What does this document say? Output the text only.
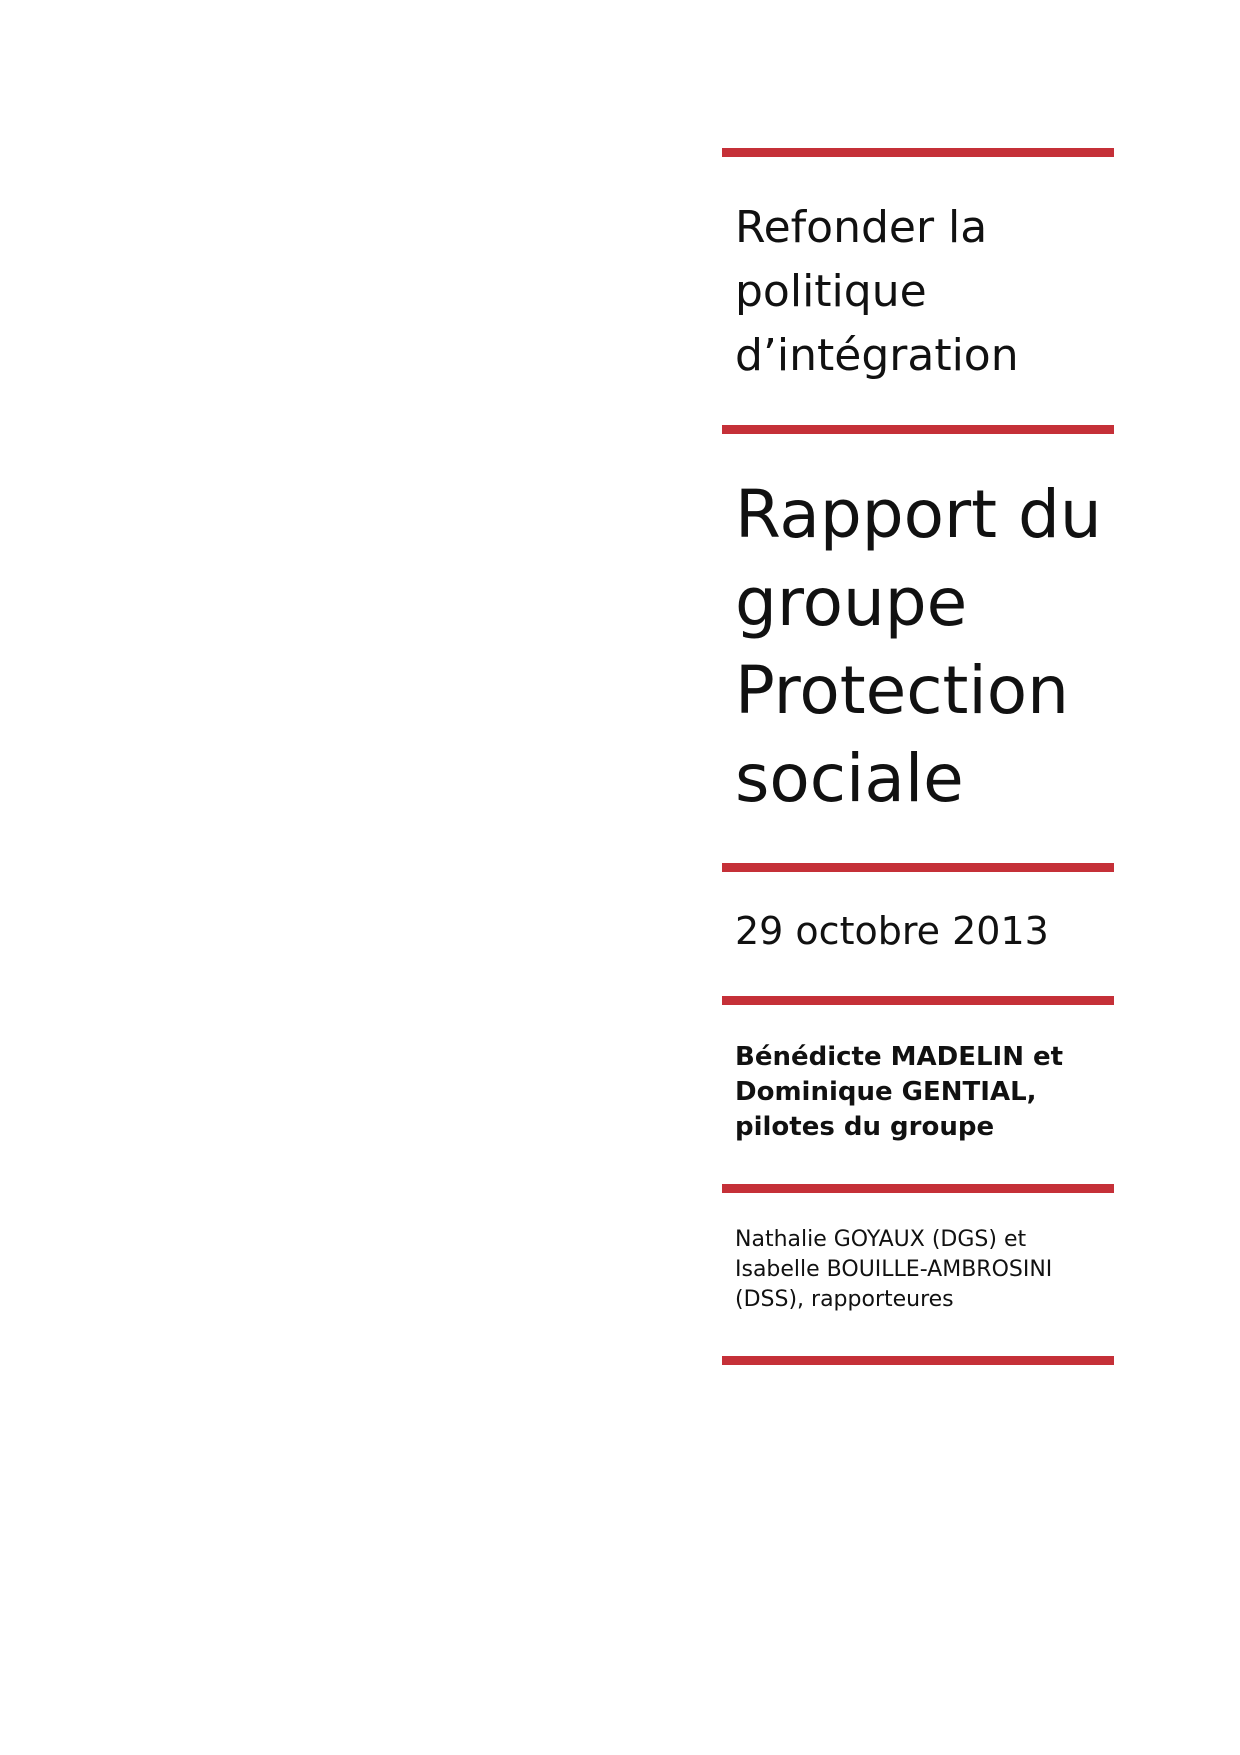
Refonder la
politique
d’intégration
Rapport du
groupe
Protection
sociale

29 octobre 2013

Bénédicte MADELIN et
Dominique GENTIAL,
pilotes du groupe

Nathalie GOYAUX (DGS) et
Isabelle BOUILLE-AMBROSINI
(DSS), rapporteures
